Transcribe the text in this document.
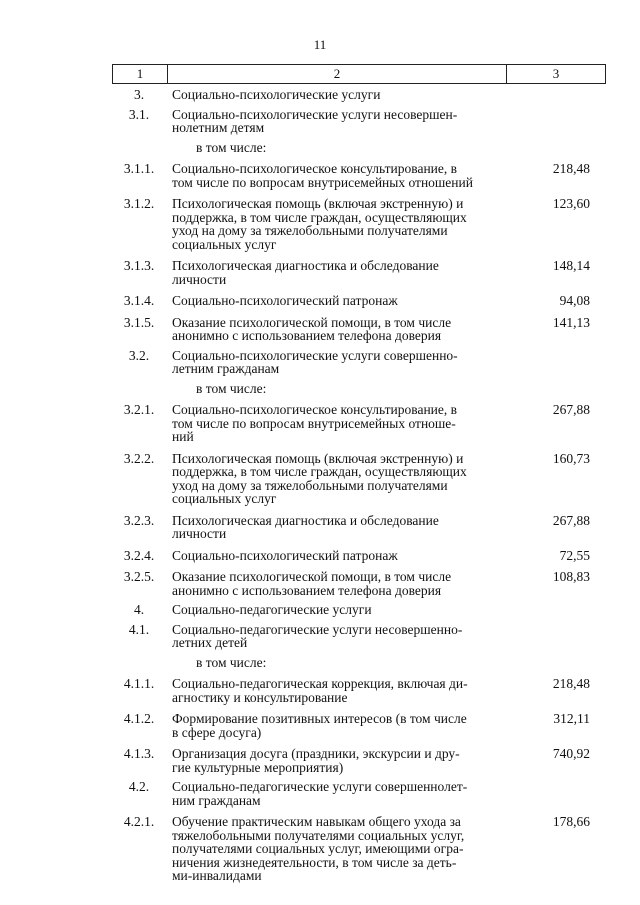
11
1	2	3
3.	Социально-психологические услуги
3.1.	Социально-психологические услуги несовершен-
нолетним детям
в том числе:
3.1.1.	Социально-психологическое консультирование, в
том числе по вопросам внутрисемейных отношений
218,48
3.1.2.	Психологическая помощь (включая экстренную) и
поддержка, в том числе граждан, осуществляющих
уход на дому за тяжелобольными получателями
социальных услуг
123,60
3.1.3.	Психологическая диагностика и обследование
личности
148,14
3.1.4.	Социально-психологический патронаж	94,08
3.1.5.	Оказание психологической помощи, в том числе
анонимно с использованием телефона доверия
141,13
3.2.	Социально-психологические услуги совершенно-
летним гражданам
в том числе:
3.2.1.	Социально-психологическое консультирование, в
том числе по вопросам внутрисемейных отноше-
ний
267,88
3.2.2.	Психологическая помощь (включая экстренную) и
поддержка, в том числе граждан, осуществляющих
уход на дому за тяжелобольными получателями
социальных услуг
160,73
3.2.3.	Психологическая диагностика и обследование
личности
267,88
3.2.4.	Социально-психологический патронаж	72,55
3.2.5.	Оказание психологической помощи, в том числе
анонимно с использованием телефона доверия
108,83
4.	Социально-педагогические услуги
4.1.	Социально-педагогические услуги несовершенно-
летних детей
в том числе:
4.1.1.	Социально-педагогическая коррекция, включая ди-
агностику и консультирование
218,48
4.1.2.	Формирование позитивных интересов (в том числе
в сфере досуга)
312,11
4.1.3.	Организация досуга (праздники, экскурсии и дру-
гие культурные мероприятия)
740,92
4.2.	Социально-педагогические услуги совершеннолет-
ним гражданам
4.2.1.	Обучение практическим навыкам общего ухода за
тяжелобольными получателями социальных услуг,
получателями социальных услуг, имеющими огра-
ничения жизнедеятельности, в том числе за деть-
ми-инвалидами
178,66
